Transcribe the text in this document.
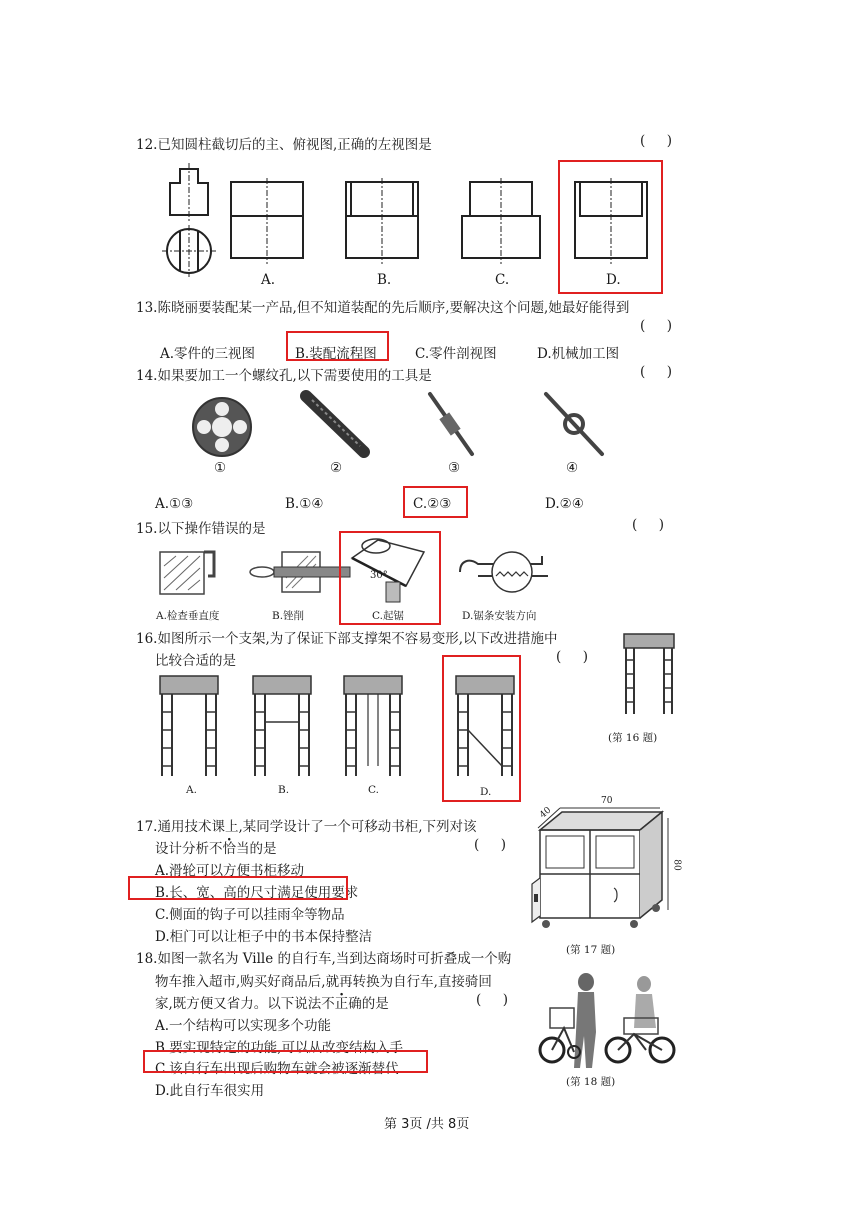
12.已知圆柱截切后的主、俯视图,正确的左视图是	(     )
A.	B.	C.	D.
13.陈晓丽要装配某一产品,但不知道装配的先后顺序,要解决这个问题,她最好能得到
(     )
A.零件的三视图	B.装配流程图	C.零件剖视图	D.机械加工图
14.如果要加工一个螺纹孔,以下需要使用的工具是	(     )
①	②	③	④
A.①③	B.①④	C.②③	D.②④
15.以下操作错误的是	(     )
A.检查垂直度	B.锉削
30°
C.起锯	D.锯条安装方向
16.如图所示一个支架,为了保证下部支撑架不容易变形,以下改进措施中
比较合适的是	(     )
(第 16 题)
A.	B.	C.	D.
17.通用技术课上,某同学设计了一个可移动书柜,下列对该
设计分析不恰当的是	(     )
A.滑轮可以方便书柜移动
B.长、宽、高的尺寸满足使用要求
C.侧面的钩子可以挂雨伞等物品
D.柜门可以让柜子中的书本保持整洁
70
40
80
(第 17 题)
18.如图一款名为 Ville 的自行车,当到达商场时可折叠成一个购
物车推入超市,购买好商品后,就再转换为自行车,直接骑回
家,既方便又省力。以下说法不正确的是	(     )
A.一个结构可以实现多个功能
B.要实现特定的功能,可以从改变结构入手
C.该自行车出现后购物车就会被逐渐替代
D.此自行车很实用
(第 18 题)
第 3页 /共 8页
